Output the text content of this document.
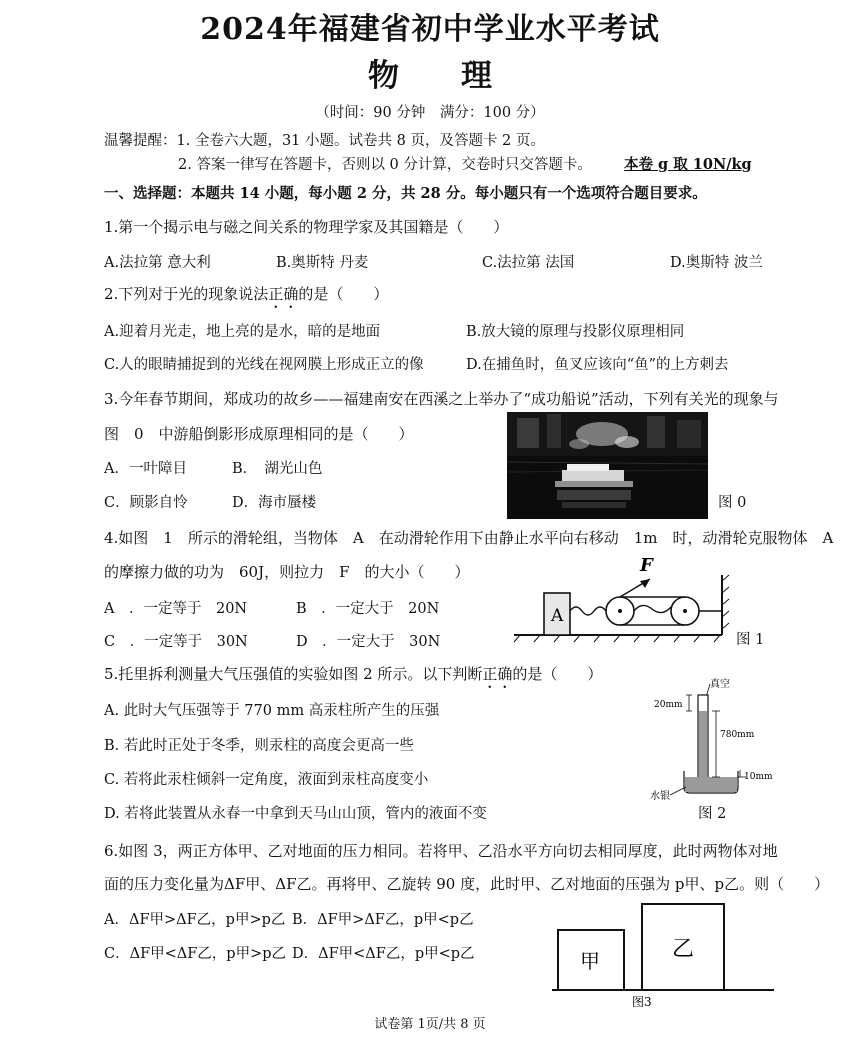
2024年福建省初中学业水平考试
物　　理
（时间：90 分钟　满分：100 分）
温馨提醒：1. 全卷六大题，31 小题。试卷共 8 页，及答题卡 2 页。
2. 答案一律写在答题卡，否则以 0 分计算，交卷时只交答题卡。 本卷 g 取 10N/kg
一、选择题：本题共 14 小题，每小题 2 分，共 28 分。每小题只有一个选项符合题目要求。
1.第一个揭示电与磁之间关系的物理学家及其国籍是（　　）
A.法拉第 意大利	B.奥斯特 丹麦	C.法拉第 法国	D.奥斯特 波兰
2.下列对于光的现象说法正确的是（　　）
A.迎着月光走，地上亮的是水，暗的是地面	B.放大镜的原理与投影仪原理相同
C.人的眼睛捕捉到的光线在视网膜上形成正立的像	D.在捕鱼时，鱼叉应该向“鱼”的上方刺去
3.今年春节期间，郑成功的故乡——福建南安在西溪之上举办了“成功船说”活动，下列有关光的现象与
图　0　中游船倒影形成原理相同的是（　　）
A．一叶障目	B．　湖光山色
C．顾影自怜	D．海市蜃楼	图 0
4.如图　1　所示的滑轮组，当物体　A　在动滑轮作用下由静止水平向右移动　1m　时，动滑轮克服物体　A
的摩擦力做的功为　60J，则拉力　F　的大小（　　）
A　．一定等于　20N	B　．一定大于　20N
C　．一定等于　30N	D　．一定大于　30N
A
F
图 1
5.托里拆利测量大气压强值的实验如图 2 所示。以下判断正确的是（　　）
A. 此时大气压强等于 770 mm 高汞柱所产生的压强
B. 若此时正处于冬季，则汞柱的高度会更高一些
C. 若将此汞柱倾斜一定角度，液面到汞柱高度变小
D. 若将此装置从永春一中拿到天马山山顶，管内的液面不变
真空
20mm
780mm
10mm
水银
图 2
6.如图 3，两正方体甲、乙对地面的压力相同。若将甲、乙沿水平方向切去相同厚度，此时两物体对地
面的压力变化量为ΔF甲、ΔF乙。再将甲、乙旋转 90 度，此时甲、乙对地面的压强为 p甲、p乙。则（　　）
A．ΔF甲>ΔF乙，p甲>p乙 B．ΔF甲>ΔF乙，p甲<p乙
C．ΔF甲<ΔF乙，p甲>p乙 D．ΔF甲<ΔF乙，p甲<p乙	甲	乙
图3
试卷第 1页/共 8 页
